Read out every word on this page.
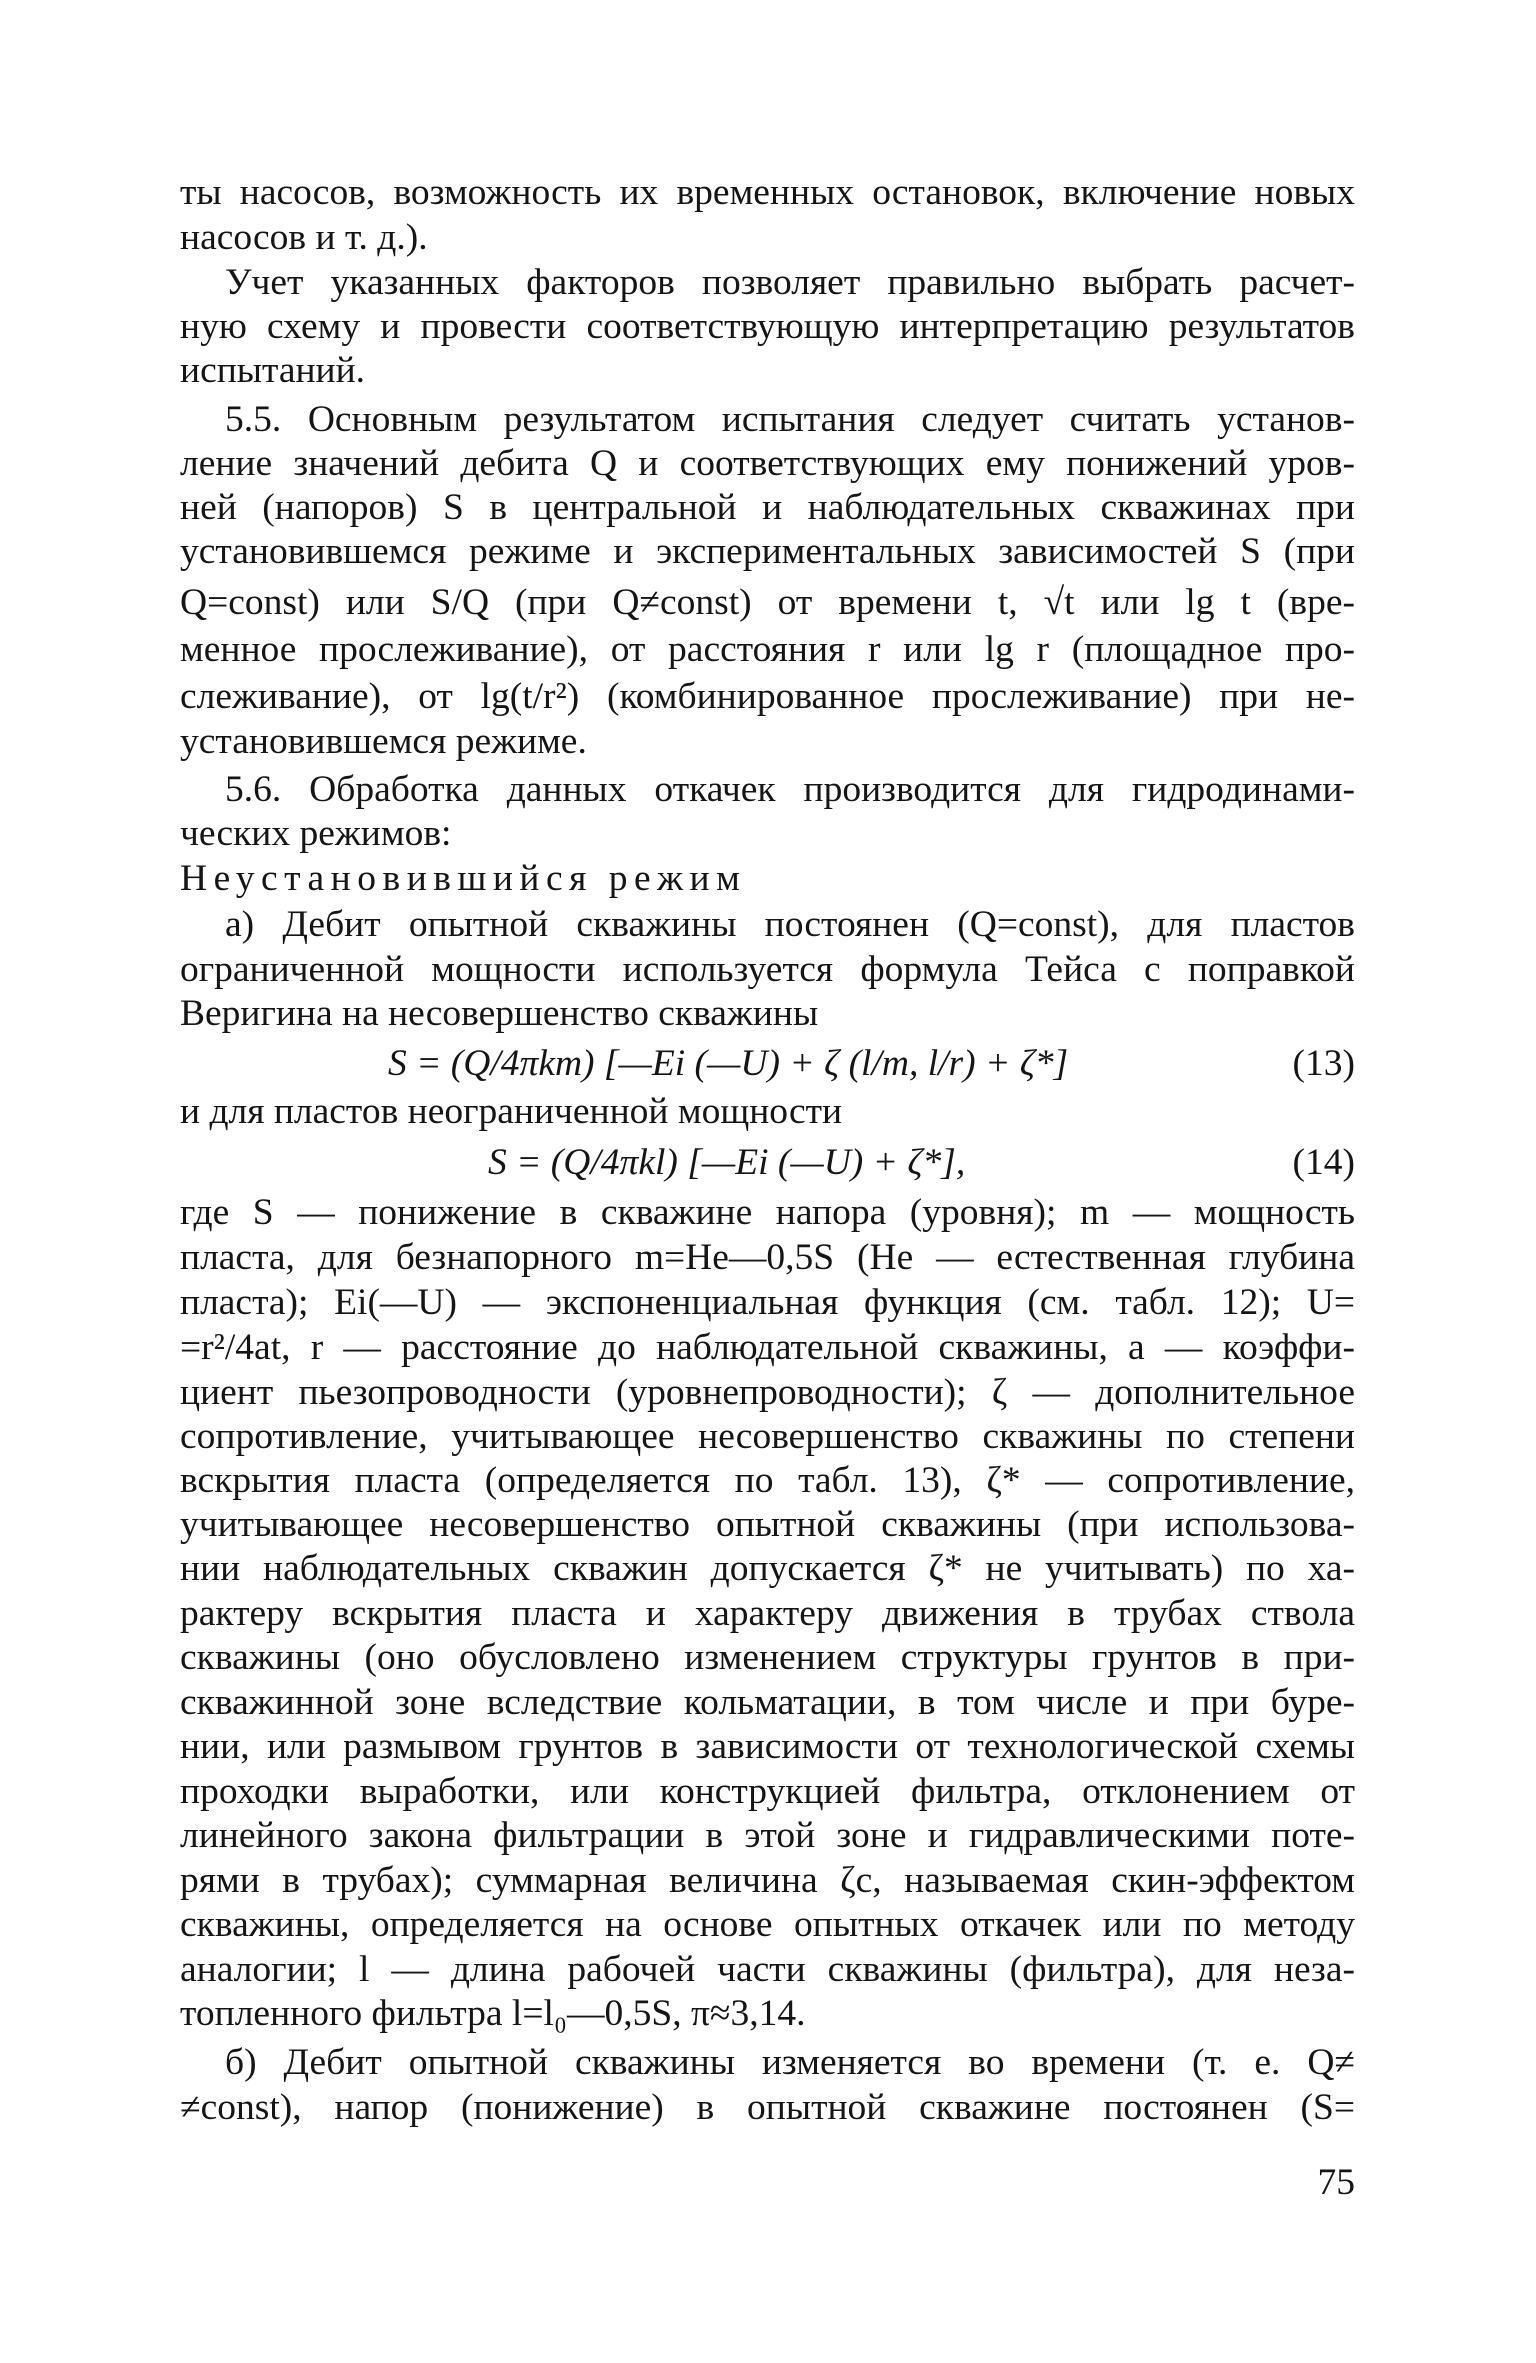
ты насосов, возможность их временных остановок, включение новых
насосов и т. д.).
Учет указанных факторов позволяет правильно выбрать расчет-
ную схему и провести соответствующую интерпретацию результатов
испытаний.
5.5. Основным результатом испытания следует считать установ-
ление значений дебита Q и соответствующих ему понижений уров-
ней (напоров) S в центральной и наблюдательных скважинах при
установившемся режиме и экспериментальных зависимостей S (при
Q=const) или S/Q (при Q≠const) от времени t, √t или lg t (вре-
менное прослеживание), от расстояния r или lg r (площадное про-
слеживание), от lg(t/r²) (комбинированное прослеживание) при не-
установившемся режиме.
5.6. Обработка данных откачек производится для гидродинами-
ческих режимов:
Неустановившийся режим
а) Дебит опытной скважины постоянен (Q=const), для пластов
ограниченной мощности используется формула Тейса с поправкой
Веригина на несовершенство скважины
S = (Q/4πkm) [—Ei (—U) + ζ (l/m, l/r) + ζ*]	(13)
и для пластов неограниченной мощности
S = (Q/4πkl) [—Ei (—U) + ζ*],	(14)
где S — понижение в скважине напора (уровня); m — мощность
пласта, для безнапорного m=Hе—0,5S (Hе — естественная глубина
пласта); Ei(—U) — экспоненциальная функция (см. табл. 12); U=
=r²/4at, r — расстояние до наблюдательной скважины, a — коэффи-
циент пьезопроводности (уровнепроводности); ζ — дополнительное
сопротивление, учитывающее несовершенство скважины по степени
вскрытия пласта (определяется по табл. 13), ζ* — сопротивление,
учитывающее несовершенство опытной скважины (при использова-
нии наблюдательных скважин допускается ζ* не учитывать) по ха-
рактеру вскрытия пласта и характеру движения в трубах ствола
скважины (оно обусловлено изменением структуры грунтов в при-
скважинной зоне вследствие кольматации, в том числе и при буре-
нии, или размывом грунтов в зависимости от технологической схемы
проходки выработки, или конструкцией фильтра, отклонением от
линейного закона фильтрации в этой зоне и гидравлическими поте-
рями в трубах); суммарная величина ζс, называемая скин-эффектом
скважины, определяется на основе опытных откачек или по методу
аналогии; l — длина рабочей части скважины (фильтра), для неза-
топленного фильтра l=l₀—0,5S, π≈3,14.
б) Дебит опытной скважины изменяется во времени (т. е. Q≠
≠const), напор (понижение) в опытной скважине постоянен (S=
75
